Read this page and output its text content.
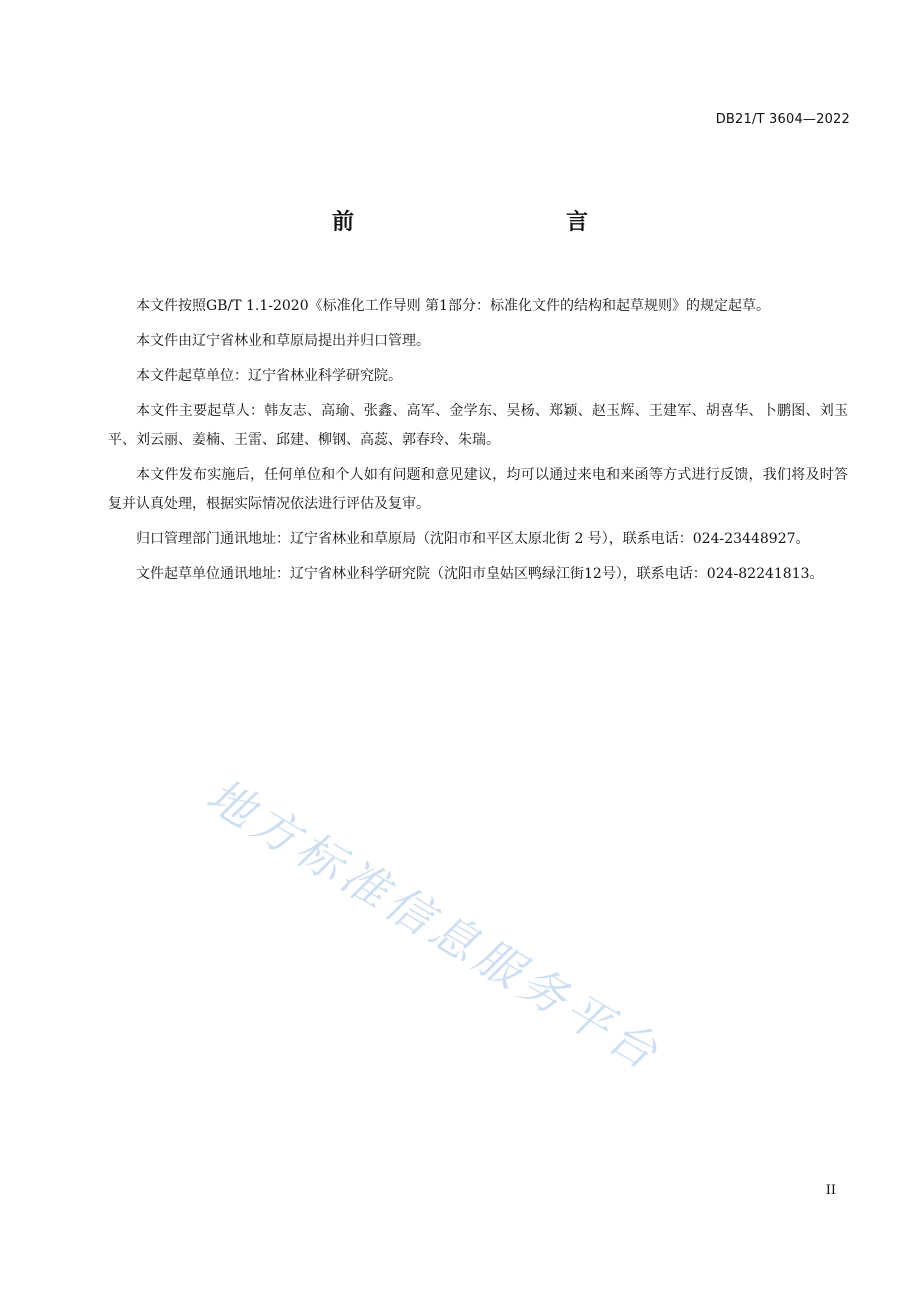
DB21/T 3604—2022
前　　言

本文件按照GB/T 1.1-2020《标准化工作导则 第1部分：标准化文件的结构和起草规则》的规定起草。

本文件由辽宁省林业和草原局提出并归口管理。

本文件起草单位：辽宁省林业科学研究院。

本文件主要起草人：韩友志、高瑜、张鑫、高军、金学东、吴杨、郑颖、赵玉辉、王建军、胡喜华、卜鹏图、刘玉平、刘云丽、姜楠、王雷、邱建、柳钢、高蕊、郭春玲、朱瑞。

本文件发布实施后，任何单位和个人如有问题和意见建议，均可以通过来电和来函等方式进行反馈，我们将及时答复并认真处理，根据实际情况依法进行评估及复审。

归口管理部门通讯地址：辽宁省林业和草原局（沈阳市和平区太原北街 2 号），联系电话：024-23448927。

文件起草单位通讯地址：辽宁省林业科学研究院（沈阳市皇姑区鸭绿江街12号），联系电话：024-82241813。

地方标准信息服务平台
II
